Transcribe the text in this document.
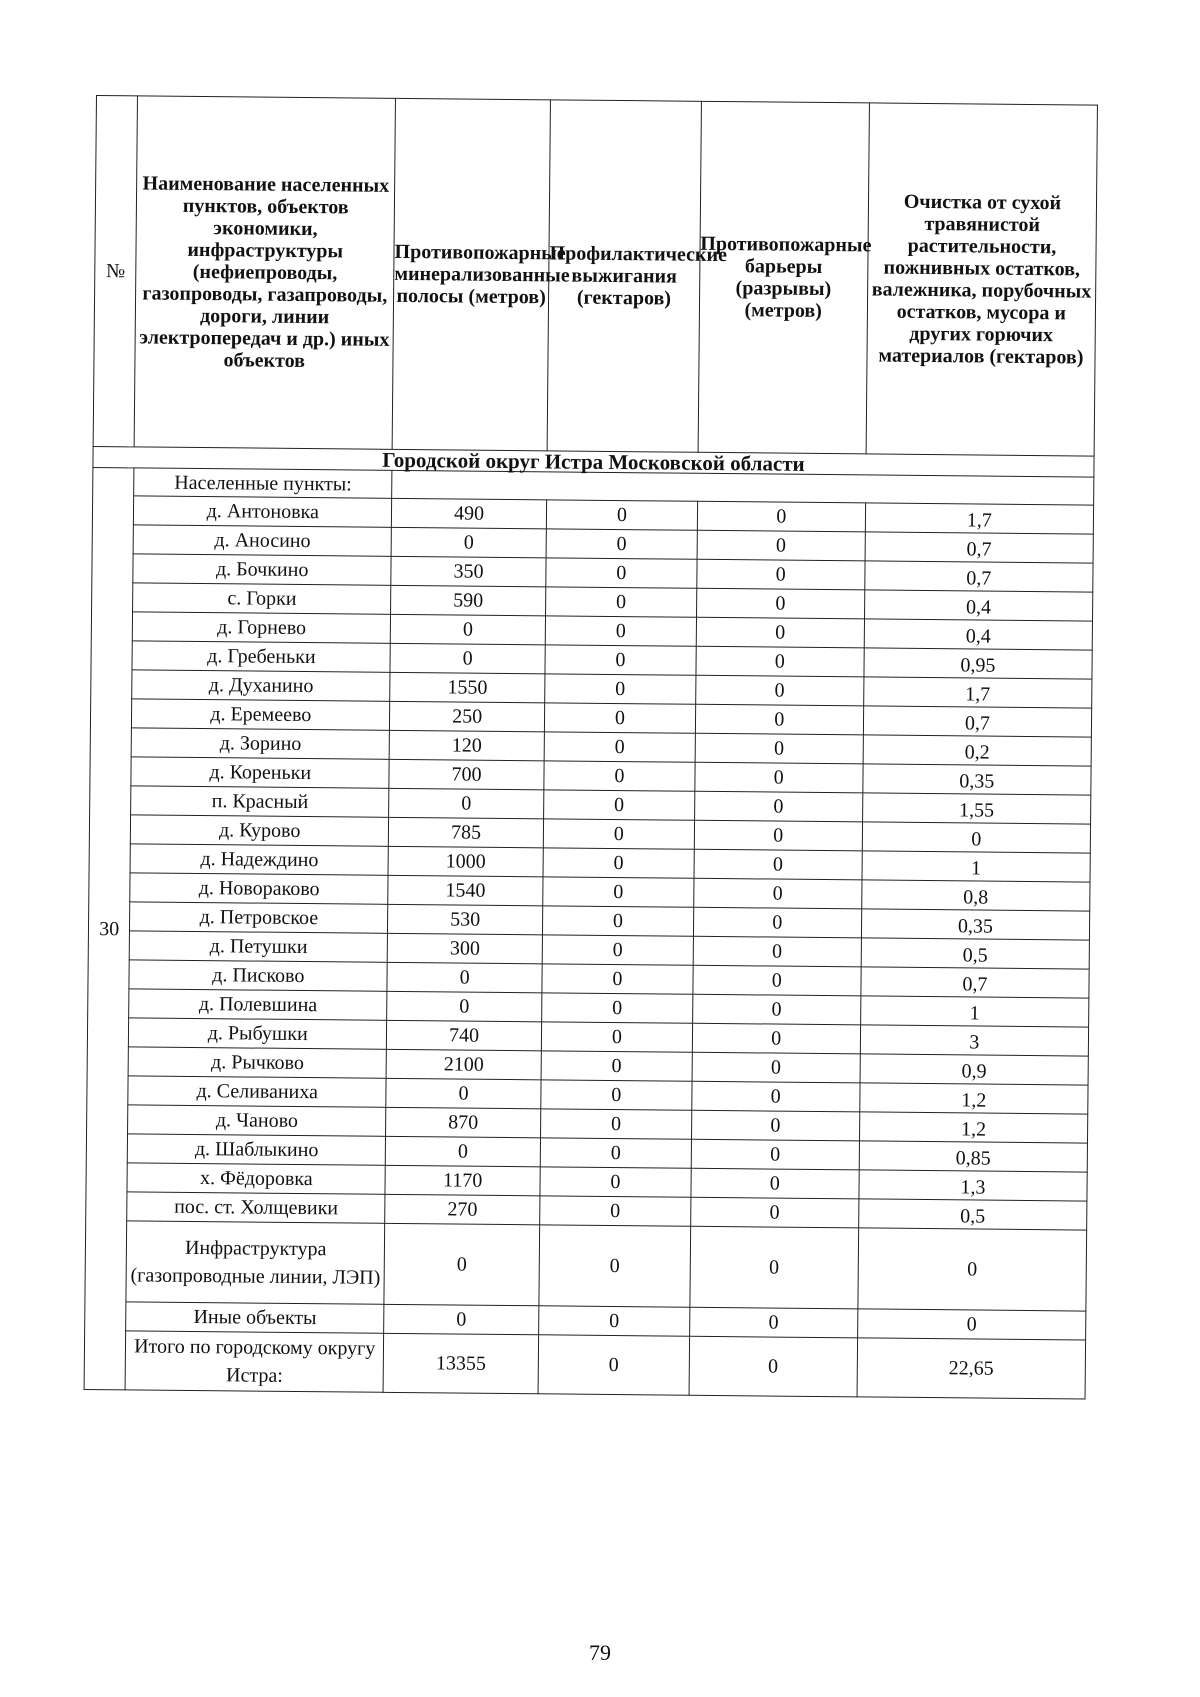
№	Наименование населенных пунктов, объектов экономики, инфраструктуры (нефиепроводы, газопроводы, газапроводы, дороги, линии электропередач и др.) иных объектов	Противопожарные минерализованные полосы (метров)	Профилактические выжигания (гектаров)	Противопожарные барьеры (разрывы) (метров)	Очистка от сухой травянистой растительности, пожнивных остатков, валежника, порубочных остатков, мусора и других горючих материалов (гектаров)
Городской округ Истра Московской области					
30	Населенные пункты:				
	д. Антоновка	490	0	0	1,7
	д. Аносино	0	0	0	0,7
	д. Бочкино	350	0	0	0,7
	с. Горки	590	0	0	0,4
	д. Горнево	0	0	0	0,4
	д. Гребеньки	0	0	0	0,95
	д. Духанино	1550	0	0	1,7
	д. Еремеево	250	0	0	0,7
	д. Зорино	120	0	0	0,2
	д. Кореньки	700	0	0	0,35
	п. Красный	0	0	0	1,55
	д. Курово	785	0	0	0
	д. Надеждино	1000	0	0	1
	д. Новораково	1540	0	0	0,8
	д. Петровское	530	0	0	0,35
	д. Петушки	300	0	0	0,5
	д. Писково	0	0	0	0,7
	д. Полевшина	0	0	0	1
	д. Рыбушки	740	0	0	3
	д. Рычково	2100	0	0	0,9
	д. Селиваниха	0	0	0	1,2
	д. Чаново	870	0	0	1,2
	д. Шаблыкино	0	0	0	0,85
	х. Фёдоровка	1170	0	0	1,3
	пос. ст. Холщевики	270	0	0	0,5
	Инфраструктура (газопроводные линии, ЛЭП)	0	0	0	0
	Иные объекты	0	0	0	0
	Итого по городскому округу Истра:	13355	0	0	22,65
79
